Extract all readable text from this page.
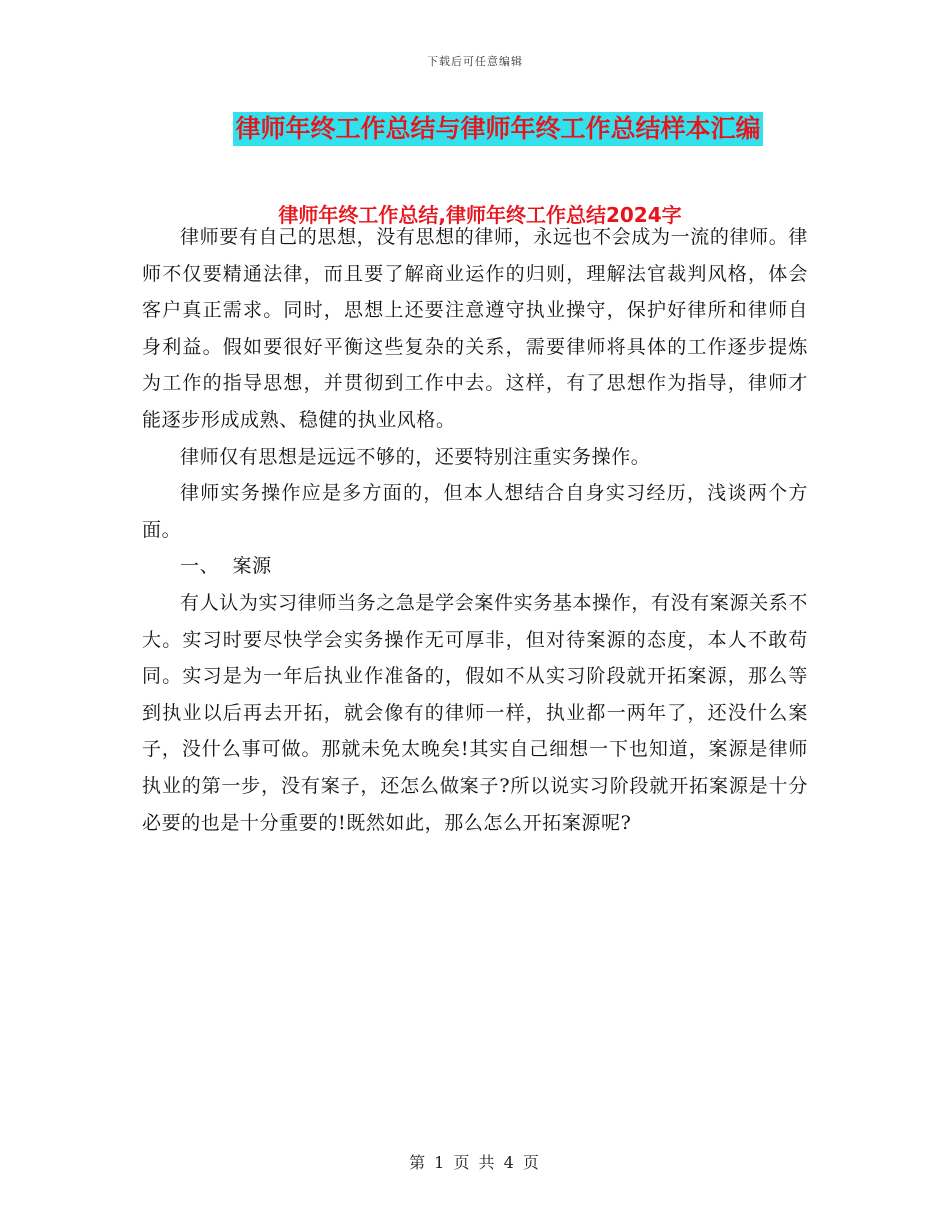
下载后可任意编辑
律师年终工作总结与律师年终工作总结样本汇编
律师年终工作总结,律师年终工作总结2024字

律师要有自己的思想，没有思想的律师，永远也不会成为一流的律师。律师不仅要精通法律，而且要了解商业运作的归则，理解法官裁判风格，体会客户真正需求。同时，思想上还要注意遵守执业操守，保护好律所和律师自身利益。假如要很好平衡这些复杂的关系，需要律师将具体的工作逐步提炼为工作的指导思想，并贯彻到工作中去。这样，有了思想作为指导，律师才能逐步形成成熟、稳健的执业风格。

律师仅有思想是远远不够的，还要特别注重实务操作。

律师实务操作应是多方面的，但本人想结合自身实习经历，浅谈两个方面。

一、  案源

有人认为实习律师当务之急是学会案件实务基本操作，有没有案源关系不大。实习时要尽快学会实务操作无可厚非，但对待案源的态度，本人不敢苟同。实习是为一年后执业作准备的，假如不从实习阶段就开拓案源，那么等到执业以后再去开拓，就会像有的律师一样，执业都一两年了，还没什么案子，没什么事可做。那就未免太晚矣!其实自己细想一下也知道，案源是律师执业的第一步，没有案子，还怎么做案子?所以说实习阶段就开拓案源是十分必要的也是十分重要的!既然如此，那么怎么开拓案源呢?

第 1 页 共 4 页
